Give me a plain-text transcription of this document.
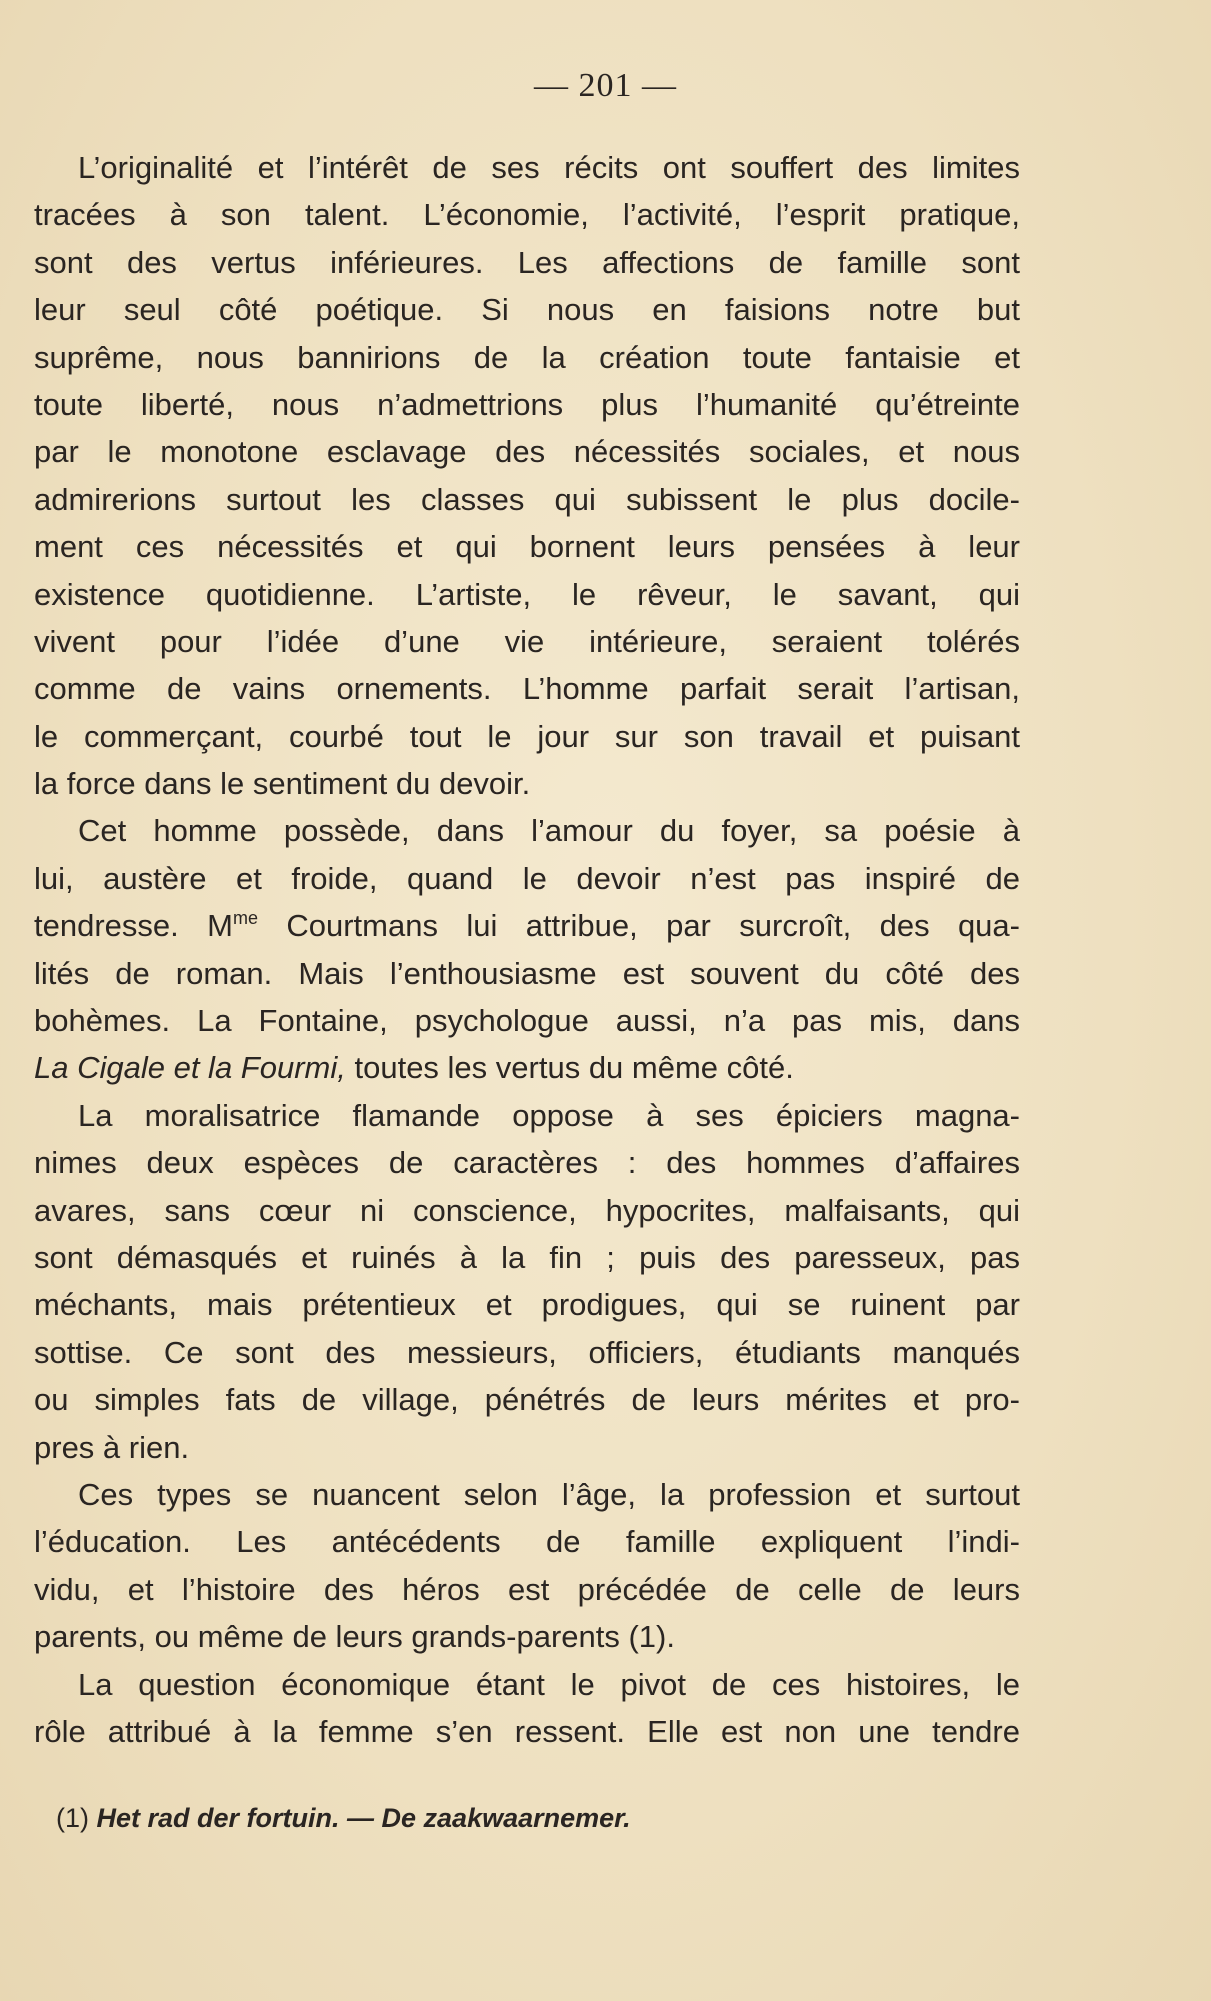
— 201 —
L’originalité et l’intérêt de ses récits ont souffert des limites
tracées à son talent. L’économie, l’activité, l’esprit pratique,
sont des vertus inférieures. Les affections de famille sont
leur seul côté poétique. Si nous en faisions notre but
suprême, nous bannirions de la création toute fantaisie et
toute liberté, nous n’admettrions plus l’humanité qu’étreinte
par le monotone esclavage des nécessités sociales, et nous
admirerions surtout les classes qui subissent le plus docile-
ment ces nécessités et qui bornent leurs pensées à leur
existence quotidienne. L’artiste, le rêveur, le savant, qui
vivent pour l’idée d’une vie intérieure, seraient tolérés
comme de vains ornements. L’homme parfait serait l’artisan,
le commerçant, courbé tout le jour sur son travail et puisant
la force dans le sentiment du devoir.
Cet homme possède, dans l’amour du foyer, sa poésie à
lui, austère et froide, quand le devoir n’est pas inspiré de
tendresse. $M^{me}$ Courtmans lui attribue, par surcroît, des qua-
lités de roman. Mais l’enthousiasme est souvent du côté des
bohèmes. La Fontaine, psychologue aussi, n’a pas mis, dans
La Cigale et la Fourmi, toutes les vertus du même côté.
La moralisatrice flamande oppose à ses épiciers magna-
nimes deux espèces de caractères : des hommes d’affaires
avares, sans cœur ni conscience, hypocrites, malfaisants, qui
sont démasqués et ruinés à la fin ; puis des paresseux, pas
méchants, mais prétentieux et prodigues, qui se ruinent par
sottise. Ce sont des messieurs, officiers, étudiants manqués
ou simples fats de village, pénétrés de leurs mérites et pro-
pres à rien.
Ces types se nuancent selon l’âge, la profession et surtout
l’éducation. Les antécédents de famille expliquent l’indi-
vidu, et l’histoire des héros est précédée de celle de leurs
parents, ou même de leurs grands-parents (1).
La question économique étant le pivot de ces histoires, le
rôle attribué à la femme s’en ressent. Elle est non une tendre
(1) Het rad der fortuin. — De zaakwaarnemer.
